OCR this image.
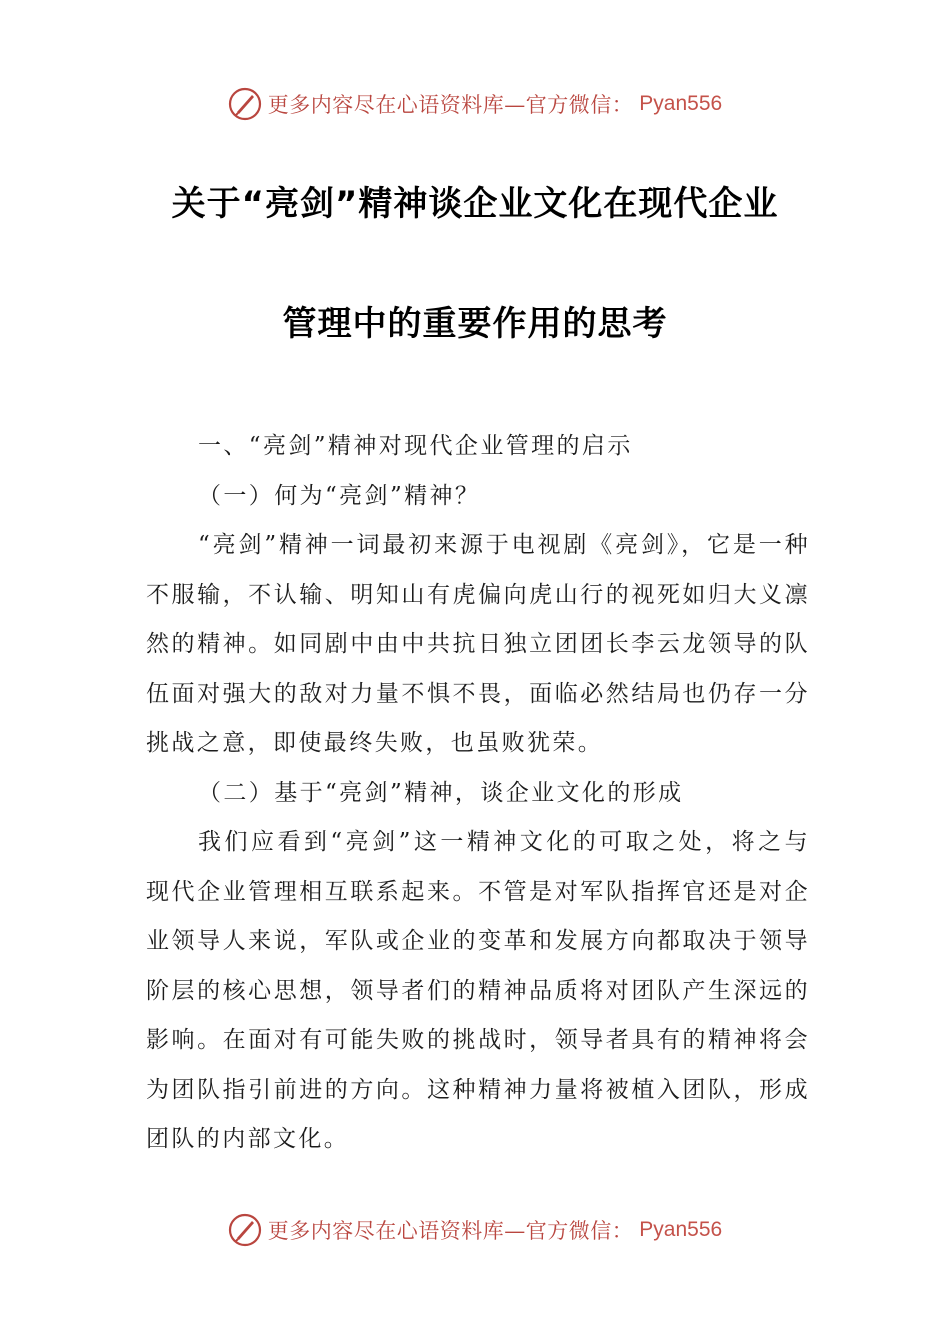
更多内容尽在心语资料库—官方微信： Pyan556
关于“亮剑”精神谈企业文化在现代企业
管理中的重要作用的思考

一、“亮剑”精神对现代企业管理的启示

（一）何为“亮剑”精神？

“亮剑”精神一词最初来源于电视剧《亮剑》，它是一种不服输，不认输、明知山有虎偏向虎山行的视死如归大义凛然的精神。如同剧中由中共抗日独立团团长李云龙领导的队伍面对强大的敌对力量不惧不畏，面临必然结局也仍存一分挑战之意，即使最终失败，也虽败犹荣。

（二）基于“亮剑”精神，谈企业文化的形成

我们应看到“亮剑”这一精神文化的可取之处，将之与现代企业管理相互联系起来。不管是对军队指挥官还是对企业领导人来说，军队或企业的变革和发展方向都取决于领导阶层的核心思想，领导者们的精神品质将对团队产生深远的影响。在面对有可能失败的挑战时，领导者具有的精神将会为团队指引前进的方向。这种精神力量将被植入团队，形成团队的内部文化。

更多内容尽在心语资料库—官方微信： Pyan556
